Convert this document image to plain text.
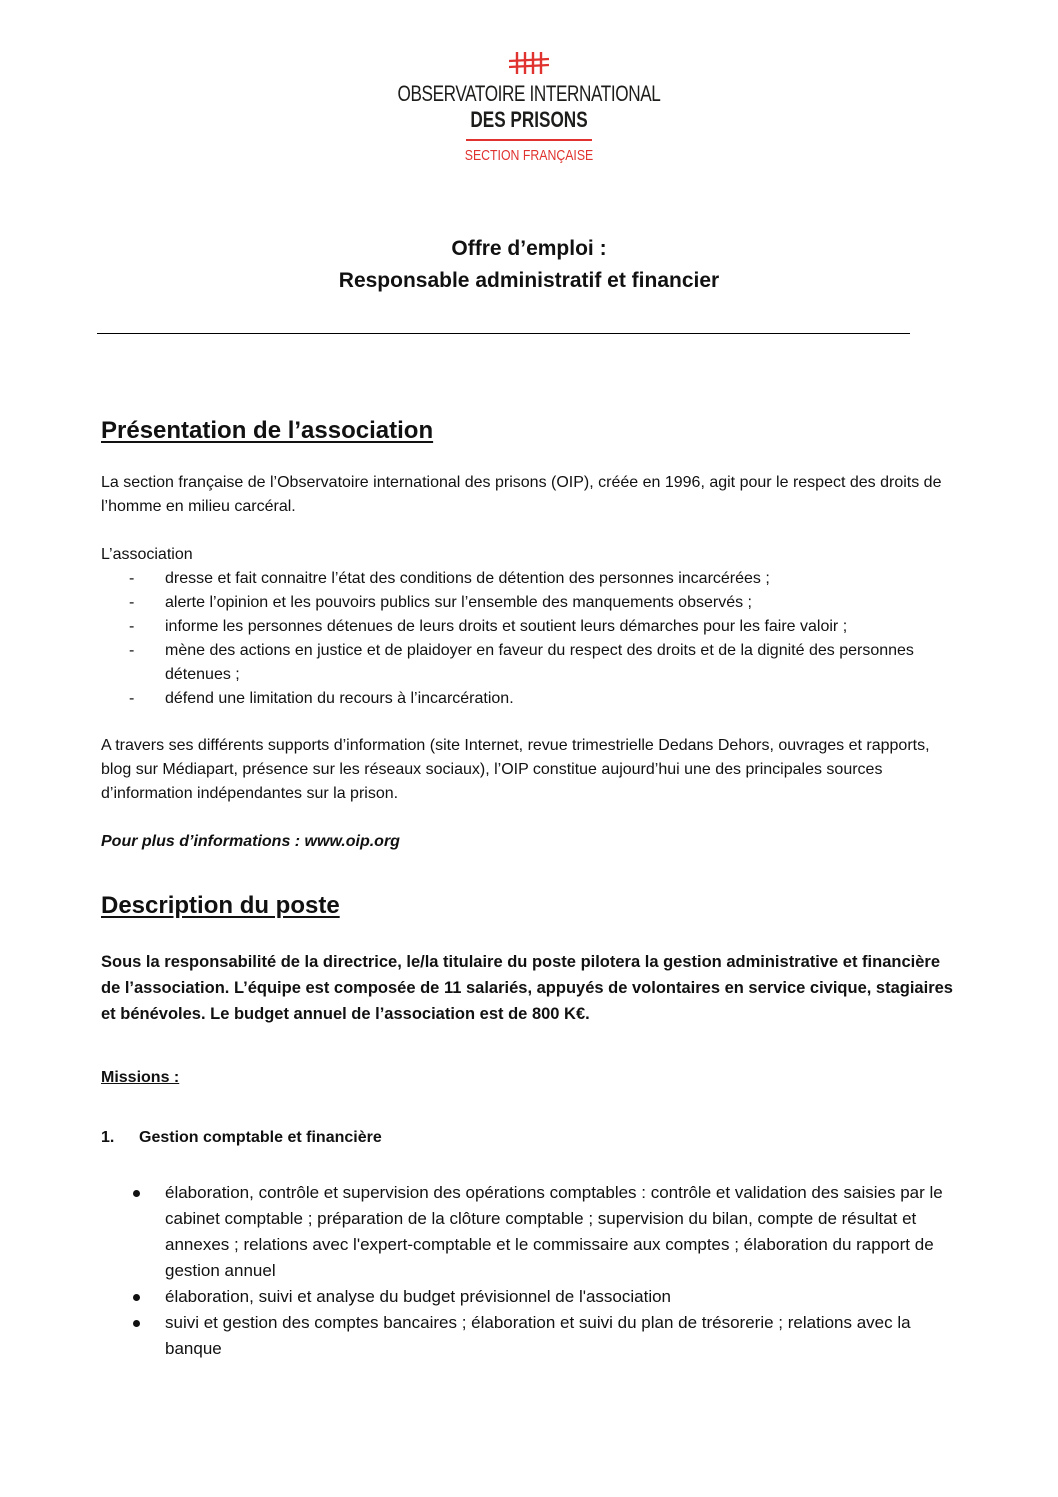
OBSERVATOIRE INTERNATIONAL
DES PRISONS
SECTION FRANÇAISE
Offre d’emploi :
Responsable administratif et financier
Présentation de l’association

La section française de l’Observatoire international des prisons (OIP), créée en 1996, agit pour le respect des droits de l’homme en milieu carcéral.

L’association

- dresse et fait connaitre l’état des conditions de détention des personnes incarcérées ;
- alerte l’opinion et les pouvoirs publics sur l’ensemble des manquements observés ;
- informe les personnes détenues de leurs droits et soutient leurs démarches pour les faire valoir ;
- mène des actions en justice et de plaidoyer en faveur du respect des droits et de la dignité des personnes détenues ;
- défend une limitation du recours à l’incarcération.

A travers ses différents supports d’information (site Internet, revue trimestrielle Dedans Dehors, ouvrages et rapports, blog sur Médiapart, présence sur les réseaux sociaux), l’OIP constitue aujourd’hui une des principales sources d’information indépendantes sur la prison.

Pour plus d’informations : www.oip.org

Description du poste

Sous la responsabilité de la directrice, le/la titulaire du poste pilotera la gestion administrative et financière de l’association. L’équipe est composée de 11 salariés, appuyés de volontaires en service civique, stagiaires et bénévoles. Le budget annuel de l’association est de 800 K€.

Missions :

1. Gestion comptable et financière

élaboration, contrôle et supervision des opérations comptables : contrôle et validation des saisies par le cabinet comptable ; préparation de la clôture comptable ; supervision du bilan, compte de résultat et annexes ; relations avec l'expert-comptable et le commissaire aux comptes ; élaboration du rapport de gestion annuel
élaboration, suivi et analyse du budget prévisionnel de l'association
suivi et gestion des comptes bancaires ; élaboration et suivi du plan de trésorerie ; relations avec la banque
